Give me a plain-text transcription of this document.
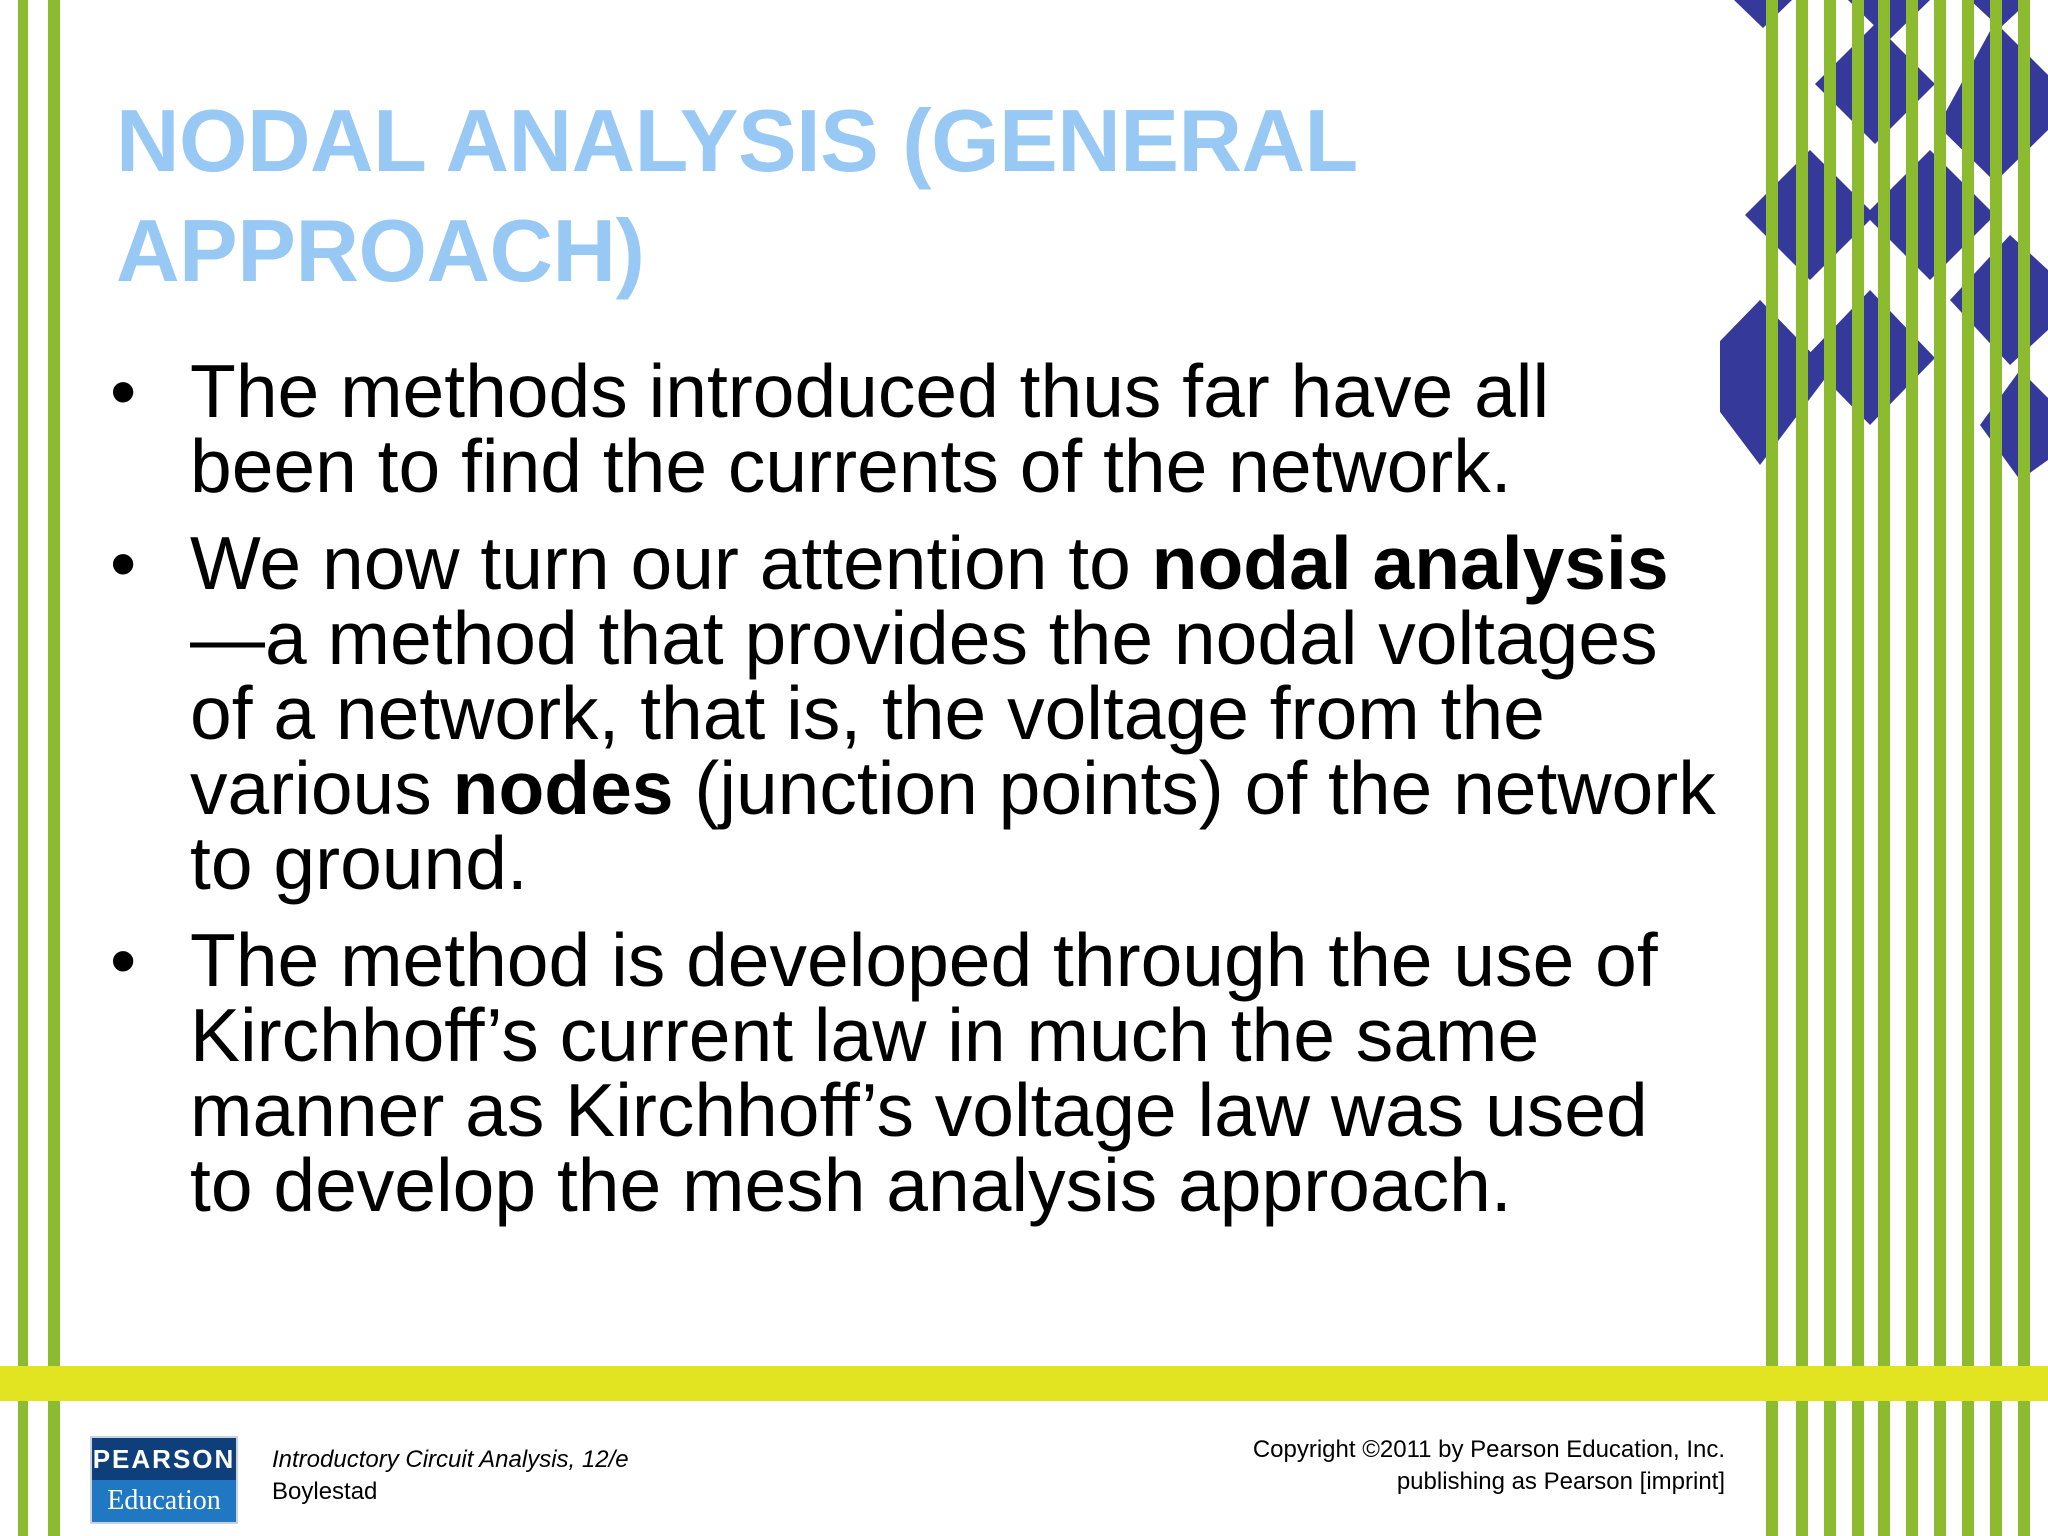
NODAL ANALYSIS (GENERAL
APPROACH)
• The methods introduced thus far have all been to find the currents of the network.
• We now turn our attention to nodal analysis—a method that provides the nodal voltages of a network, that is, the voltage from the various nodes (junction points) of the network to ground.
• The method is developed through the use of Kirchhoff’s current law in much the same manner as Kirchhoff’s voltage law was used to develop the mesh analysis approach.
PEARSON
Education
Introductory Circuit Analysis, 12/e
Boylestad
Copyright ©2011 by Pearson Education, Inc.
publishing as Pearson [imprint]
